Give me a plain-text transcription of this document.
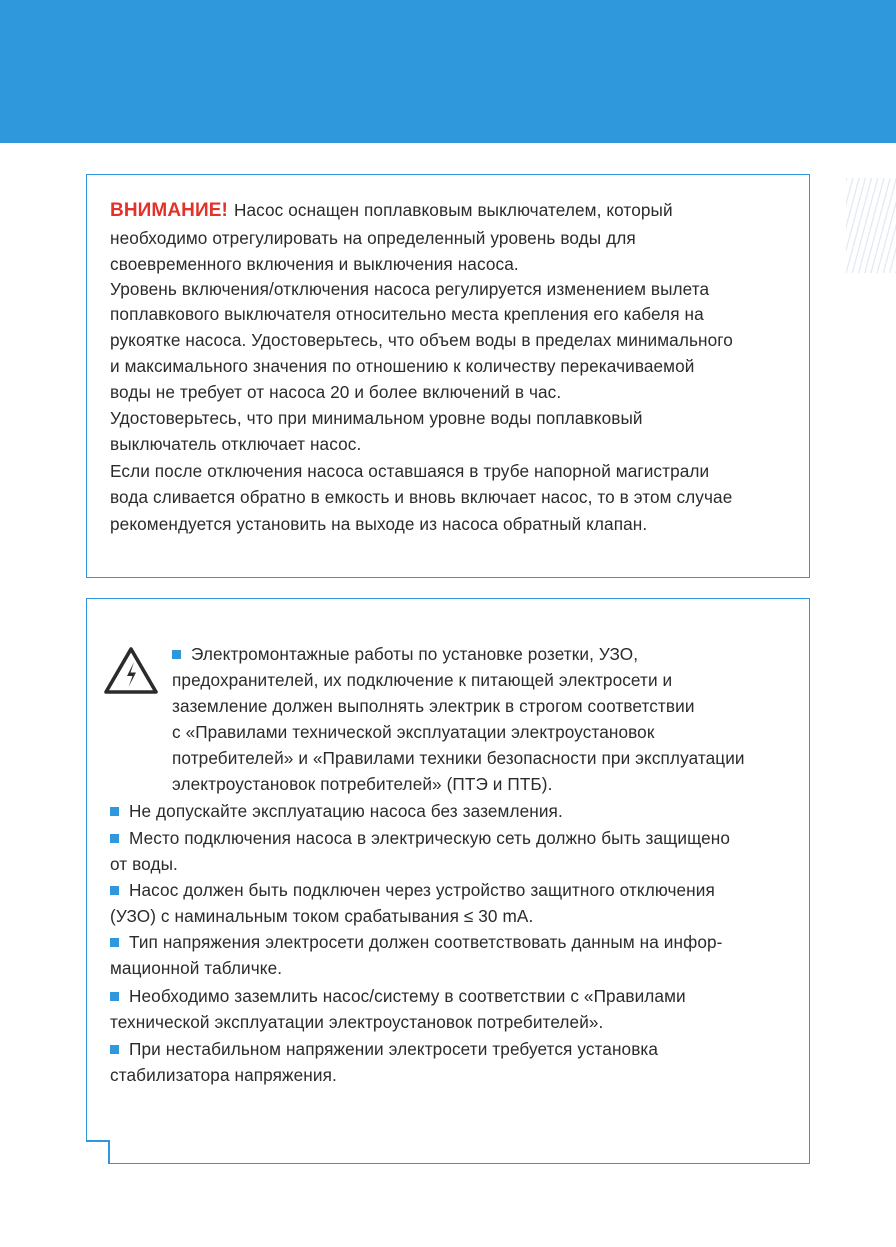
ВНИМАНИЕ! Насос оснащен поплавковым выключателем, который
необходимо отрегулировать на определенный уровень воды для
своевременного включения и выключения насоса.
Уровень включения/отключения насоса регулируется изменением вылета
поплавкового выключателя относительно места крепления его кабеля на
рукоятке насоса. Удостоверьтесь, что объем воды в пределах минимального
и максимального значения по отношению к количеству перекачиваемой
воды не требует от насоса 20 и более включений в час.
Удостоверьтесь, что при минимальном уровне воды поплавковый
выключатель отключает насос.
Если после отключения насоса оставшаяся в трубе напорной магистрали
вода сливается обратно в емкость и вновь включает насос, то в этом случае
рекомендуется установить на выходе из насоса обратный клапан.
Электромонтажные работы по установке розетки, УЗО,
предохранителей, их подключение к питающей электросети и
заземление должен выполнять электрик в строгом соответствии
с «Правилами технической эксплуатации электроустановок
потребителей» и «Правилами техники безопасности при эксплуатации
электроустановок потребителей» (ПТЭ и ПТБ).
Не допускайте эксплуатацию насоса без заземления.
Место подключения насоса в электрическую сеть должно быть защищено
от воды.
Насос должен быть подключен через устройство защитного отключения
(УЗО) с наминальным током срабатывания ≤ 30 mA.
Тип напряжения электросети должен соответствовать данным на инфор-
мационной табличке.
Необходимо заземлить насос/систему в соответствии с «Правилами
технической эксплуатации электроустановок потребителей».
При нестабильном напряжении электросети требуется установка
стабилизатора напряжения.
